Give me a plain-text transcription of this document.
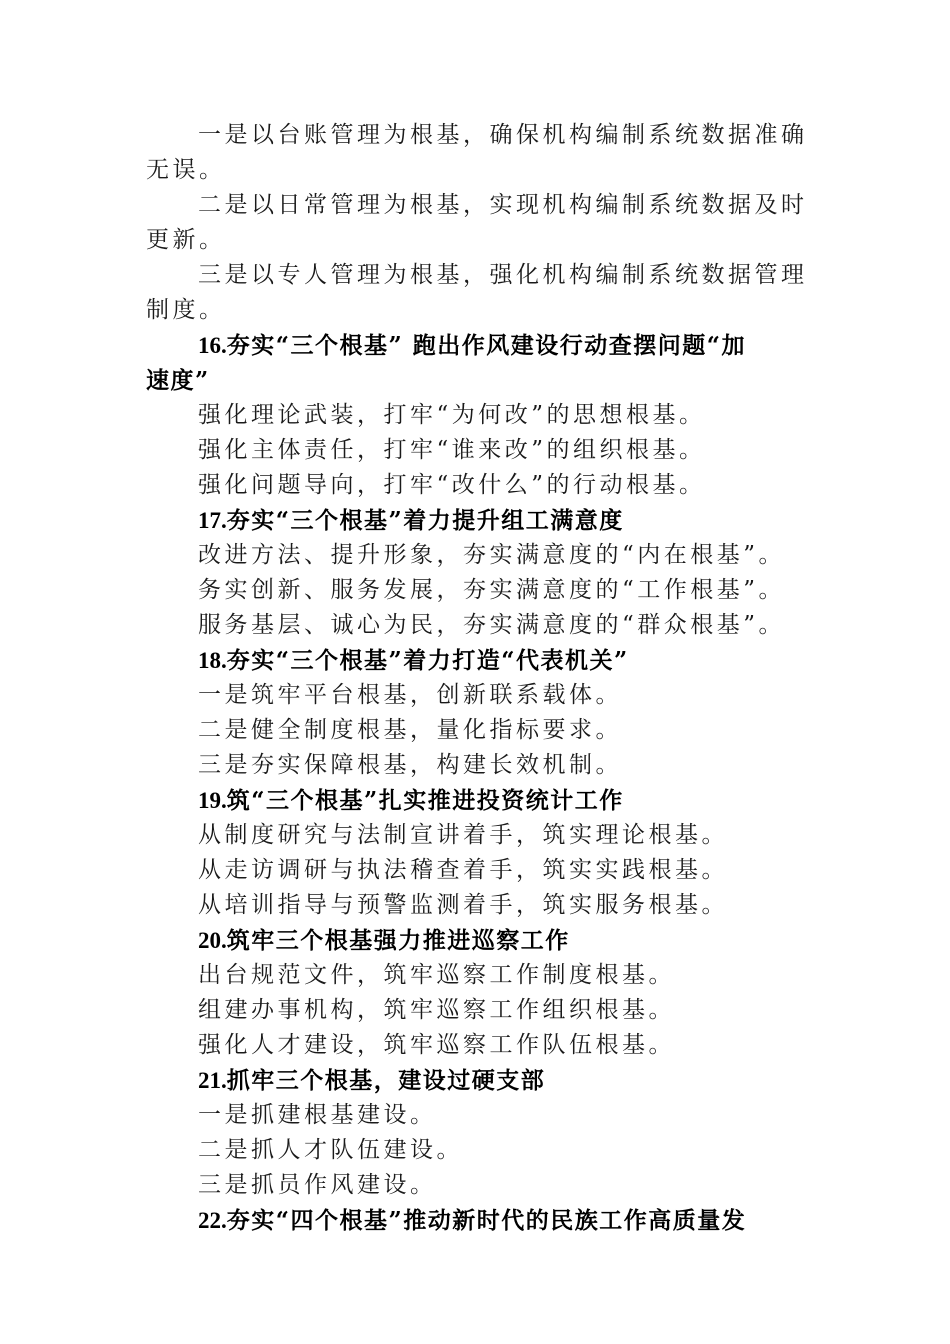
一是以台账管理为根基，确保机构编制系统数据准确
无误。
二是以日常管理为根基，实现机构编制系统数据及时
更新。
三是以专人管理为根基，强化机构编制系统数据管理
制度。
16.夯实“三个根基” 跑出作风建设行动查摆问题“加
速度”
强化理论武装，打牢“为何改”的思想根基。
强化主体责任，打牢“谁来改”的组织根基。
强化问题导向，打牢“改什么”的行动根基。
17.夯实“三个根基”着力提升组工满意度
改进方法、提升形象，夯实满意度的“内在根基”。
务实创新、服务发展，夯实满意度的“工作根基”。
服务基层、诚心为民，夯实满意度的“群众根基”。
18.夯实“三个根基”着力打造“代表机关”
一是筑牢平台根基，创新联系载体。
二是健全制度根基，量化指标要求。
三是夯实保障根基，构建长效机制。
19.筑“三个根基”扎实推进投资统计工作
从制度研究与法制宣讲着手，筑实理论根基。
从走访调研与执法稽查着手，筑实实践根基。
从培训指导与预警监测着手，筑实服务根基。
20.筑牢三个根基强力推进巡察工作
出台规范文件，筑牢巡察工作制度根基。
组建办事机构，筑牢巡察工作组织根基。
强化人才建设，筑牢巡察工作队伍根基。
21.抓牢三个根基，建设过硬支部
一是抓建根基建设。
二是抓人才队伍建设。
三是抓员作风建设。
22.夯实“四个根基”推动新时代的民族工作高质量发
